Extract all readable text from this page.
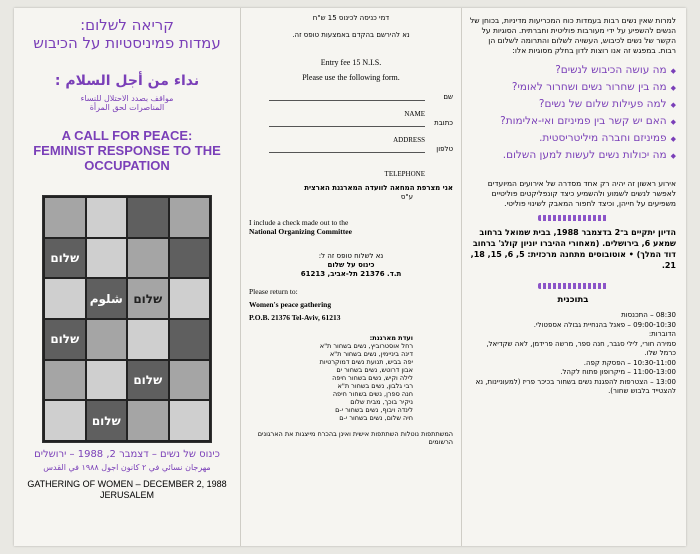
קריאה לשלום:
עמדות פמיניסטיות על הכיבוש
نداء من أجل السلام :
مواقف بصدد الاحتلال للنساء
المناصرات لحق المرأة
A CALL FOR PEACE:
FEMINIST RESPONSE TO THE
OCCUPATION
שלום
شلوم שלום
שלום
שלום
שלום
כינוס של נשים – דצמבר 2, 1988 – ירושלים
مهرجان نسائي في ٢ كانون اجول ١٩٨٨ في القدس
GATHERING OF WOMEN – DECEMBER 2, 1988
JERUSALEM
דמי כניסה לכינוס 15 ש"ח
נא להירשם בהקדם באמצעות טופס זה.
Entry fee 15 N.I.S.
Please use the following form.
שם
NAME
כתובת
ADDRESS
טלפון
TELEPHONE
אני מצרפת המחאה לוועדה המארגנת הארצית
ע"ס
I include a check made out to the
National Organizing Committee
נא לשלוח טופס זה ל:
כינוס על שלום
ת.ד. 21376 תל-אביב, 61213
Please return to:
Women's peace gathering
P.O.B. 21376 Tel-Aviv, 61213
ועדת מארגנת:
רחל אוסטרוביץ, נשים בשחור ת"א
דינה ביניימין, נשים בשחור ת"א
יפה בביש, תנועת נשים דמוקרטיות
אבון דרוטש, נשים בשחור ים
לילה וקיש, נשים בשחור חיפה
רבי גלבון, נשים בשחור ת"א
חנה ספרן, נשים בשחור חיפה
ניקיר בוכך, מבית שלום
לינדה ויבוף, נשים בשחור י-ם
חיה שלום, נשים בשחור י-ם
המשתתפות נוטלות השתתפות אישית ואינן בהכרח מייצגות את הארגונים הרשומים
למרות שאין נשים רבות בעמדות כוח המכריעות מדיניות, בכוחן של הנשים להשפיע על ידי מעורבות פוליטית וחברתית. הסוגיות על הקשר של נשים לכיבוש, העשויה לשלום והתרומה לשלום הן רבות. במפגש זה אנו רוצות לדון בחלק מסוגיות אלו:
◆ מה עושה הכיבוש לנשים?
◆ מה בין שחרור נשים ושחרור לאומי?
◆ למה פעילות שלום של נשים?
◆ האם יש קשר בין פמיניזם ואי-אלימות?
◆ פמיניזם וחברה מיליטריסטית.
◆ מה יכולות נשים לעשות למען השלום.
אירוע ראשון זה יהיה רק אחד מסדרה של אירועים המיועדים לאפשר לנשים לשמוע ולהשמיע כיצד קונפליקטים פוליטיים משפיעים על חייהן, וכיצד לחפור המאבק לשינוי פוליטי.
הדיון יתקיים ב־2 בדצמבר 1988, בבית שמואל ברחוב שמאע 6, בירושלים. (מאחורי ההיברו יוניון קולג' ברחוב דוד המלך) • אוטובוסים מתחנה מרכזית: 5, 6, 15, 18, 21.
בתוכנית
08:30 – התכנסות
09:00-10:30 – פאנל בהנחיית גבולה אספטולי.
הדוברות:
סמירה חורי, לילי סגבר, חנה ספר, מרשה פרידמן, לאה שקדיאל, כרמל שלו.
10:30-11:00 – הפסקת קפה.
11:00-13:00 – מיקרופון פתוח לקהל.
13:00 – הצטרפות להפגנת נשים בשחור בכיכר פריז (למעוניינות, נא להצטייד בלבוש שחור).
